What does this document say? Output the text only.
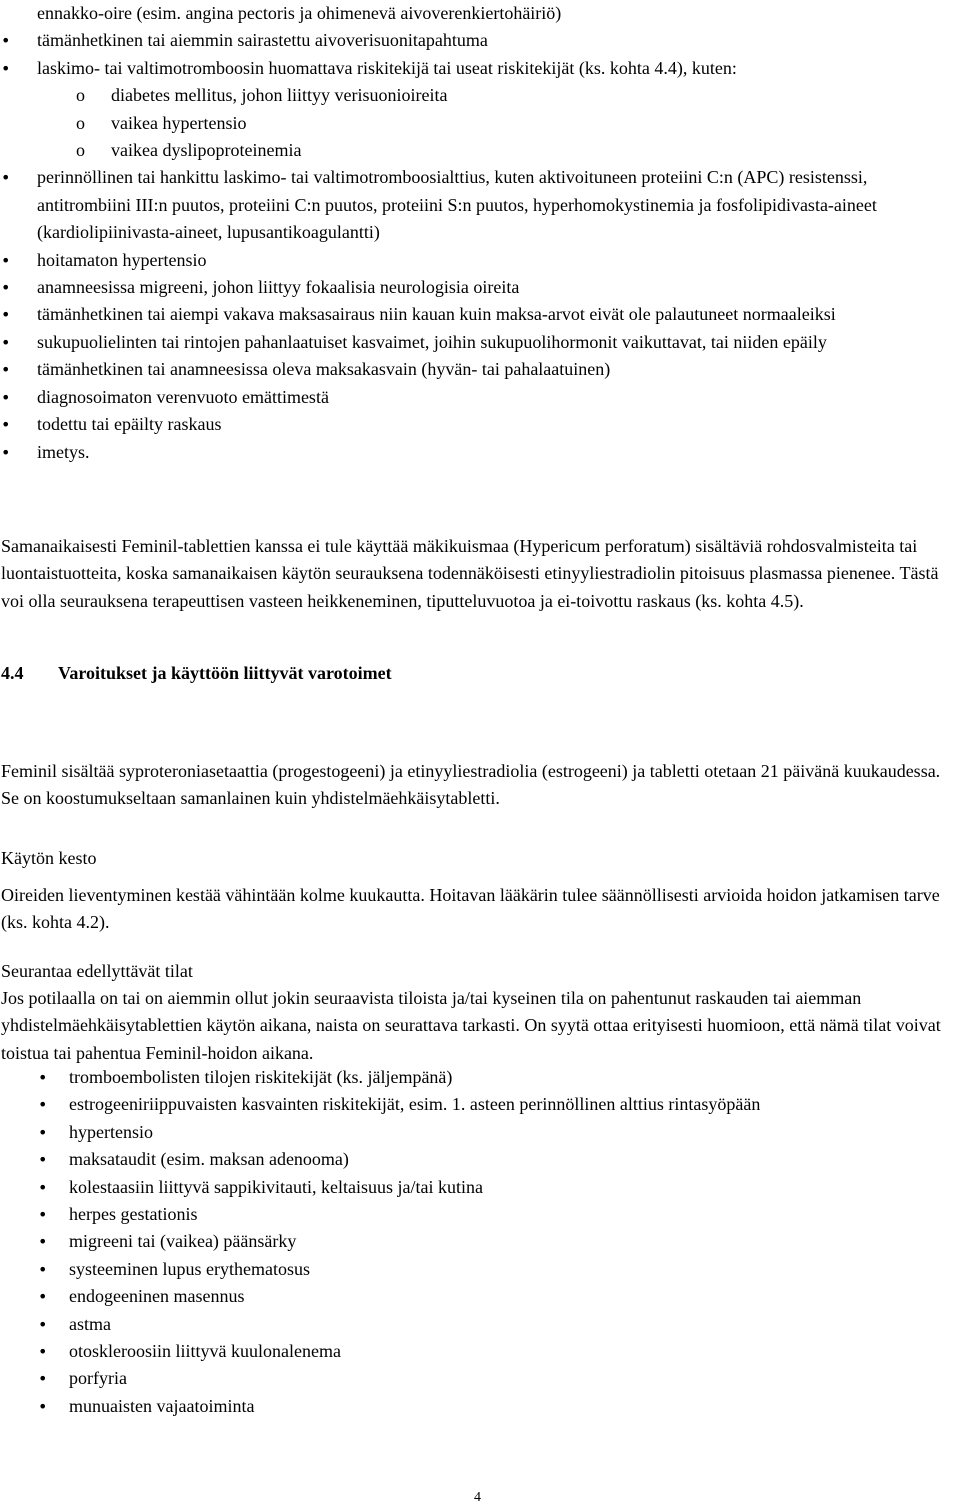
ennakko-oire (esim. angina pectoris ja ohimenevä aivoverenkiertohäiriö)
• tämänhetkinen tai aiemmin sairastettu aivoverisuonitapahtuma
• laskimo- tai valtimotromboosin huomattava riskitekijä tai useat riskitekijät (ks. kohta 4.4), kuten:
o diabetes mellitus, johon liittyy verisuonioireita
o vaikea hypertensio
o vaikea dyslipoproteinemia
• perinnöllinen tai hankittu laskimo- tai valtimotromboosialttius, kuten aktivoituneen proteiini C:n (APC) resistenssi, antitrombiini III:n puutos, proteiini C:n puutos, proteiini S:n puutos, hyperhomokystinemia ja fosfolipidivasta-aineet (kardiolipiinivasta-aineet, lupusantikoagulantti)
• hoitamaton hypertensio
• anamneesissa migreeni, johon liittyy fokaalisia neurologisia oireita
• tämänhetkinen tai aiempi vakava maksasairaus niin kauan kuin maksa-arvot eivät ole palautuneet normaaleiksi
• sukupuolielinten tai rintojen pahanlaatuiset kasvaimet, joihin sukupuolihormonit vaikuttavat, tai niiden epäily
• tämänhetkinen tai anamneesissa oleva maksakasvain (hyvän- tai pahalaatuinen)
• diagnosoimaton verenvuoto emättimestä
• todettu tai epäilty raskaus
• imetys.

Samanaikaisesti Feminil-tablettien kanssa ei tule käyttää mäkikuismaa (Hypericum perforatum) sisältäviä rohdosvalmisteita tai luontaistuotteita, koska samanaikaisen käytön seurauksena todennäköisesti etinyyliestradiolin pitoisuus plasmassa pienenee. Tästä voi olla seurauksena terapeuttisen vasteen heikkeneminen, tiputteluvuotoa ja ei-toivottu raskaus (ks. kohta 4.5).

4.4 Varoitukset ja käyttöön liittyvät varotoimet

Feminil sisältää syproteroniasetaattia (progestogeeni) ja etinyyliestradiolia (estrogeeni) ja tabletti otetaan 21 päivänä kuukaudessa. Se on koostumukseltaan samanlainen kuin yhdistelmäehkäisytabletti.

Käytön kesto

Oireiden lieventyminen kestää vähintään kolme kuukautta. Hoitavan lääkärin tulee säännöllisesti arvioida hoidon jatkamisen tarve (ks. kohta 4.2).

Seurantaa edellyttävät tilat

Jos potilaalla on tai on aiemmin ollut jokin seuraavista tiloista ja/tai kyseinen tila on pahentunut raskauden tai aiemman yhdistelmäehkäisytablettien käytön aikana, naista on seurattava tarkasti. On syytä ottaa erityisesti huomioon, että nämä tilat voivat toistua tai pahentua Feminil-hoidon aikana.

• tromboembolisten tilojen riskitekijät (ks. jäljempänä)
• estrogeeniriippuvaisten kasvainten riskitekijät, esim. 1. asteen perinnöllinen alttius rintasyöpään
• hypertensio
• maksataudit (esim. maksan adenooma)
• kolestaasiin liittyvä sappikivitauti, keltaisuus ja/tai kutina
• herpes gestationis
• migreeni tai (vaikea) päänsärky
• systeeminen lupus erythematosus
• endogeeninen masennus
• astma
• otoskleroosiin liittyvä kuulonalenema
• porfyria
• munuaisten vajaatoiminta
4
